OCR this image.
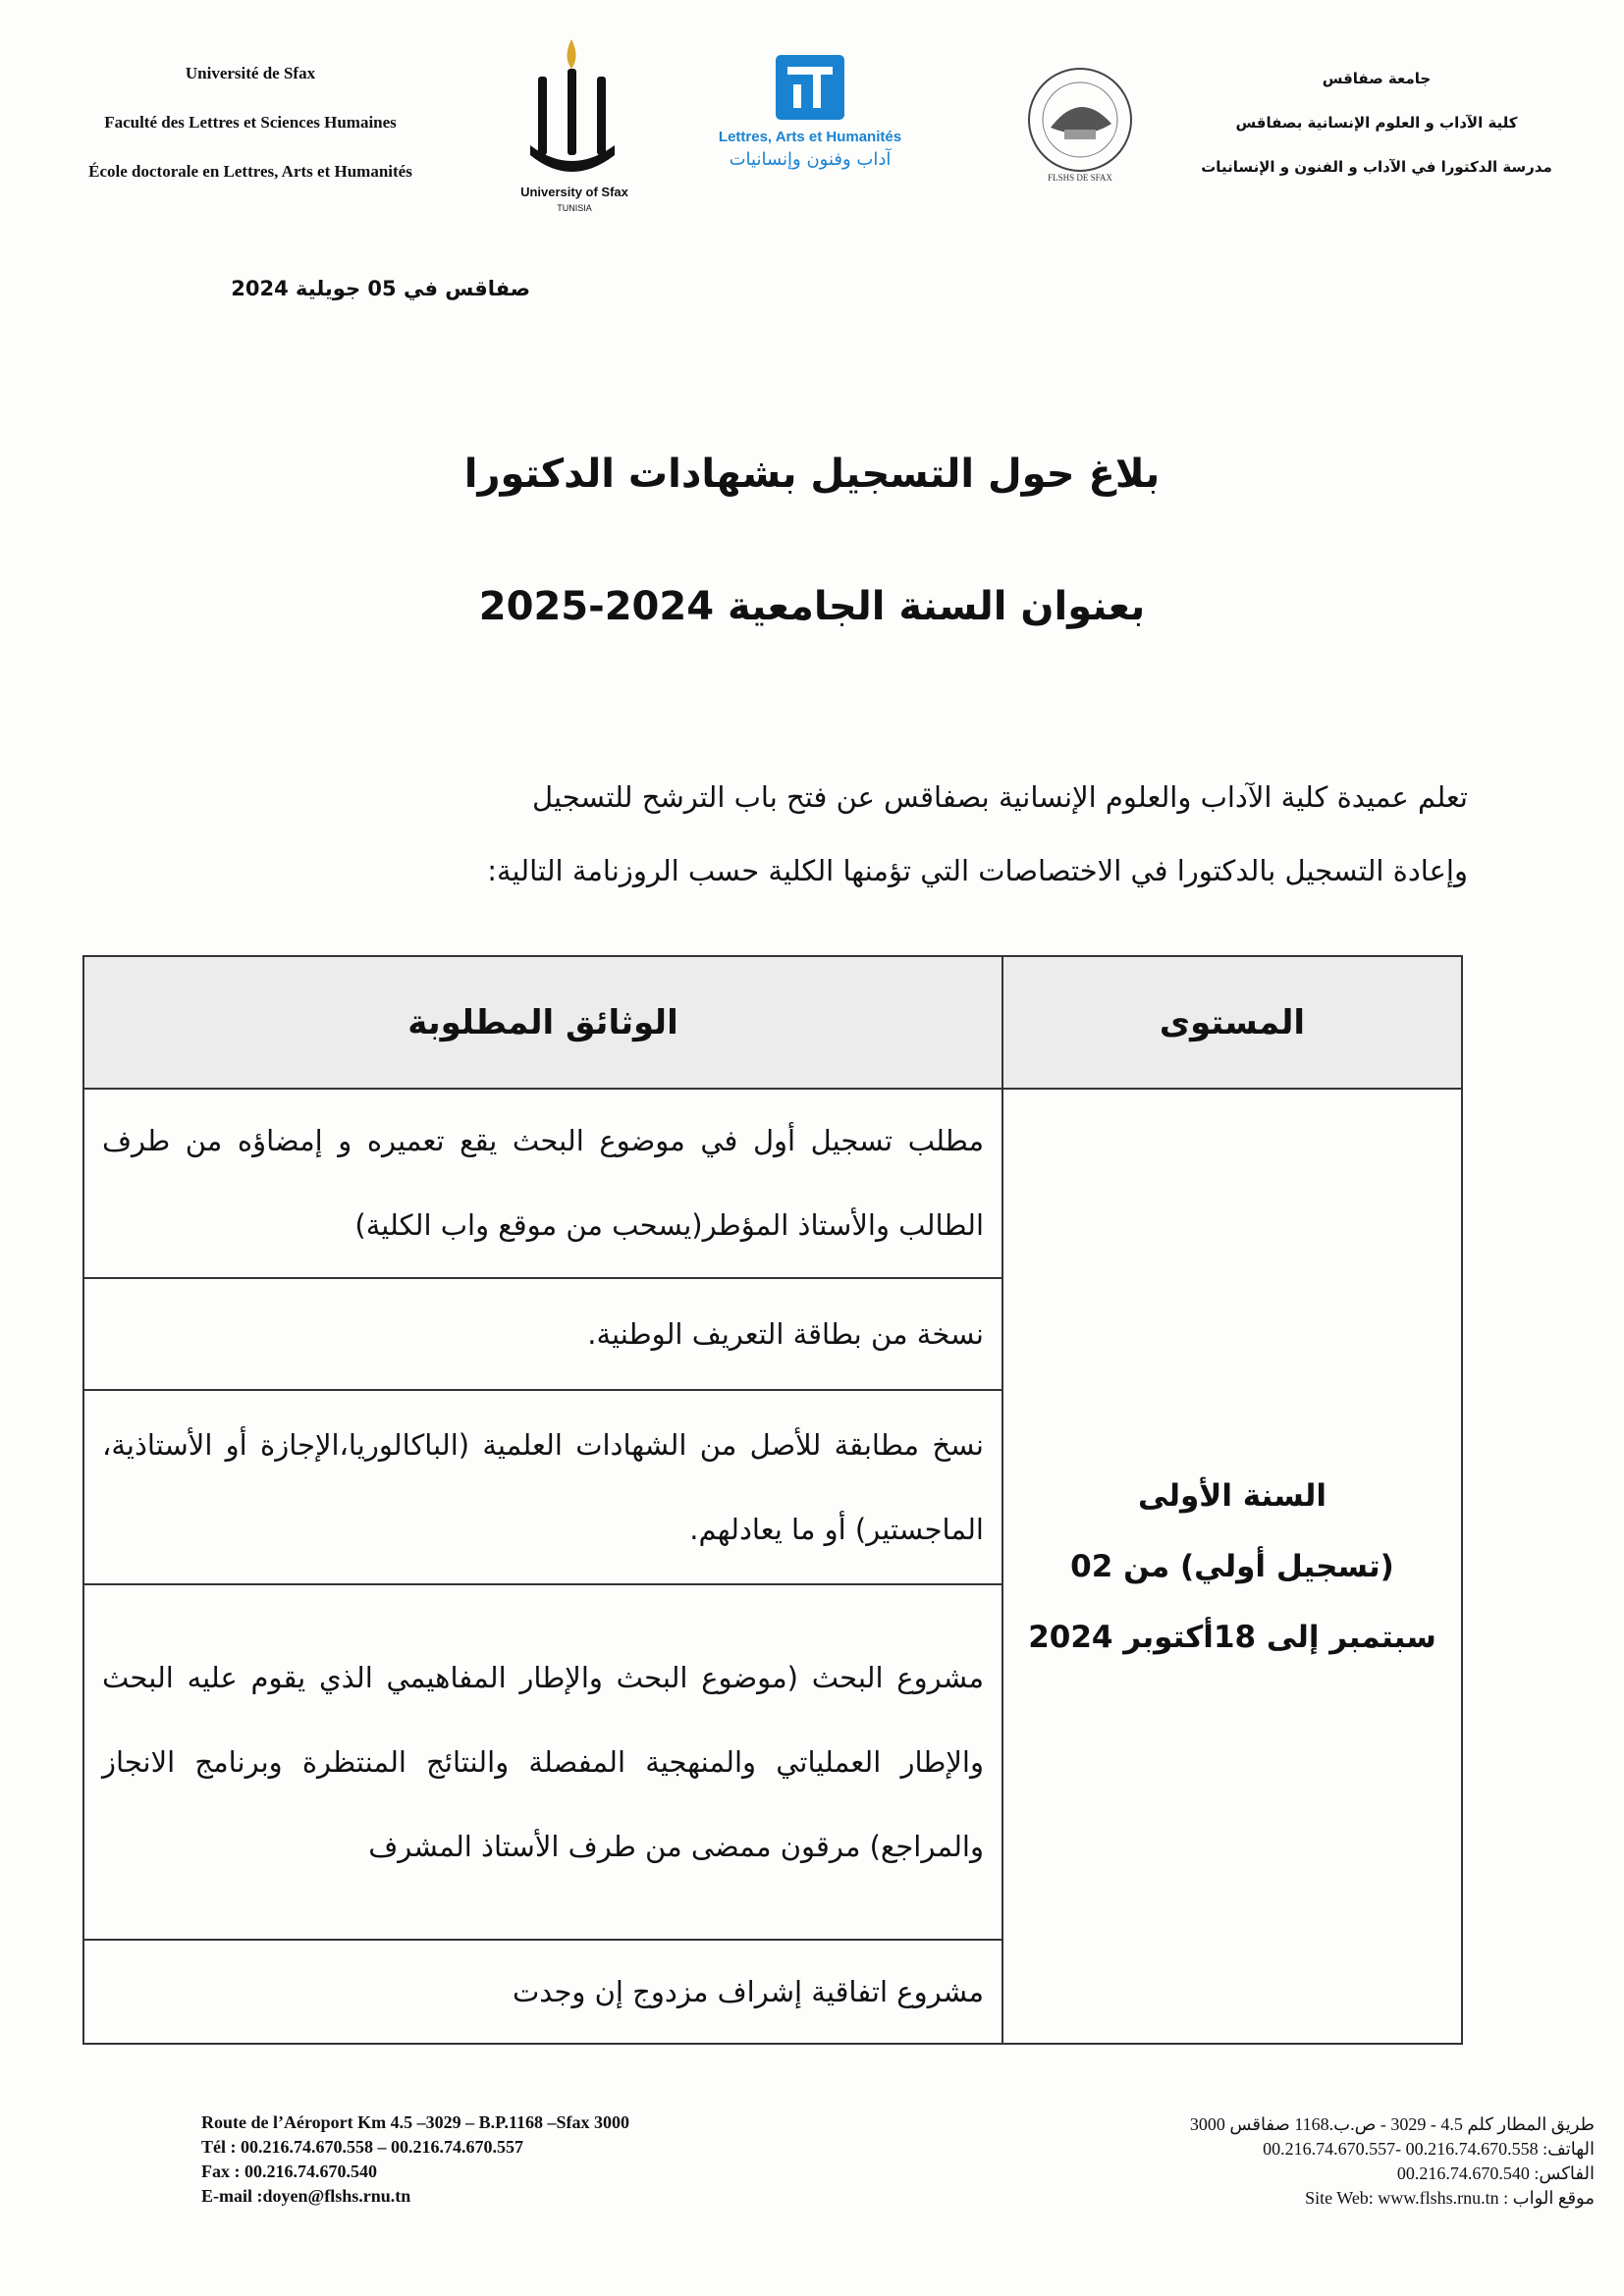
Université de Sfax
Faculté des Lettres et Sciences Humaines
École doctorale en Lettres, Arts et Humanités
University of Sfax
TUNISIA
Lettres, Arts et Humanités
آداب وفنون وإنسانيات
FLSHS DE SFAX
جامعة صفاقس
كلية الآداب و العلوم الإنسانية بصفاقس
مدرسة الدكتورا في الآداب و الفنون و الإنسانيات
صفاقس في 05 جويلية 2024
بلاغ حول التسجيل بشهادات الدكتورا
بعنوان السنة الجامعية 2024-2025
تعلم عميدة كلية الآداب والعلوم الإنسانية بصفاقس عن فتح باب الترشح للتسجيل
وإعادة التسجيل بالدكتورا في الاختصاصات التي تؤمنها الكلية حسب الروزنامة التالية:
المستوى	الوثائق المطلوبة

السنة الأولى
(تسجيل أولي) من 02
سبتمبر إلى 18أكتوبر 2024	مطلب تسجيل أول في موضوع البحث يقع تعميره و إمضاؤه من طرف الطالب والأستاذ المؤطر(يسحب من موقع واب الكلية)
	نسخة من بطاقة التعريف الوطنية.
	نسخ مطابقة للأصل من الشهادات العلمية (الباكالوريا،الإجازة أو الأستاذية، الماجستير) أو ما يعادلهم.
	مشروع البحث (موضوع البحث والإطار المفاهيمي الذي يقوم عليه البحث والإطار العملياتي والمنهجية المفصلة والنتائج المنتظرة وبرنامج الانجاز والمراجع) مرقون ممضى من طرف الأستاذ المشرف
	مشروع اتفاقية إشراف مزدوج إن وجدت
Route de l’Aéroport Km 4.5 –3029 – B.P.1168 –Sfax 3000
Tél : 00.216.74.670.558 – 00.216.74.670.557
Fax : 00.216.74.670.540
E-mail :doyen@flshs.rnu.tn
طريق المطار كلم 4.5 - 3029 - ص.ب.1168 صفاقس 3000
الهاتف: 00.216.74.670.558 -00.216.74.670.557
الفاكس: 00.216.74.670.540
موقع الواب : Site Web: www.flshs.rnu.tn
